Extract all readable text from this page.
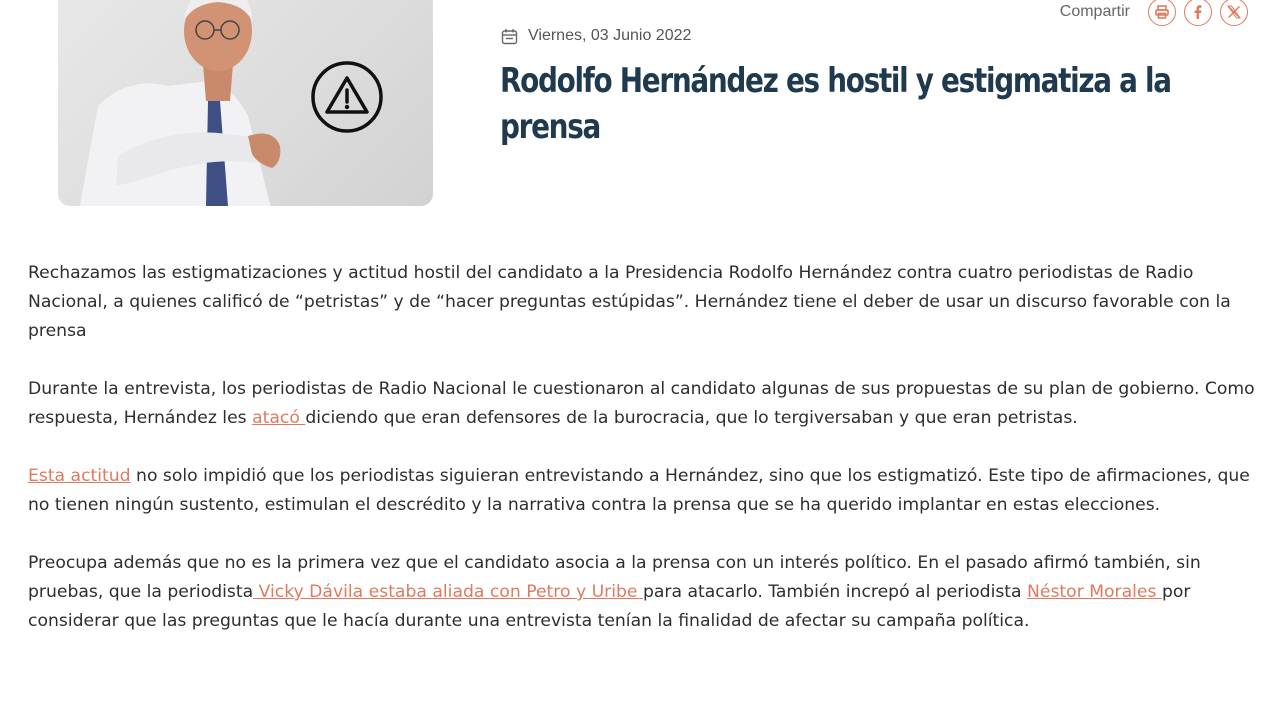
Compartir
Viernes, 03 Junio 2022
Rodolfo Hernández es hostil y estigmatiza a la prensa

Rechazamos las estigmatizaciones y actitud hostil del candidato a la Presidencia Rodolfo Hernández contra cuatro periodistas de Radio Nacional, a quienes calificó de “petristas” y de “hacer preguntas estúpidas”. Hernández tiene el deber de usar un discurso favorable con la prensa

Durante la entrevista, los periodistas de Radio Nacional le cuestionaron al candidato algunas de sus propuestas de su plan de gobierno. Como respuesta, Hernández les atacó diciendo que eran defensores de la burocracia, que lo tergiversaban y que eran petristas.

Esta actitud no solo impidió que los periodistas siguieran entrevistando a Hernández, sino que los estigmatizó. Este tipo de afirmaciones, que no tienen ningún sustento, estimulan el descrédito y la narrativa contra la prensa que se ha querido implantar en estas elecciones.

Preocupa además que no es la primera vez que el candidato asocia a la prensa con un interés político. En el pasado afirmó también, sin pruebas, que la periodista Vicky Dávila estaba aliada con Petro y Uribe para atacarlo. También increpó al periodista Néstor Morales por considerar que las preguntas que le hacía durante una entrevista tenían la finalidad de afectar su campaña política.
